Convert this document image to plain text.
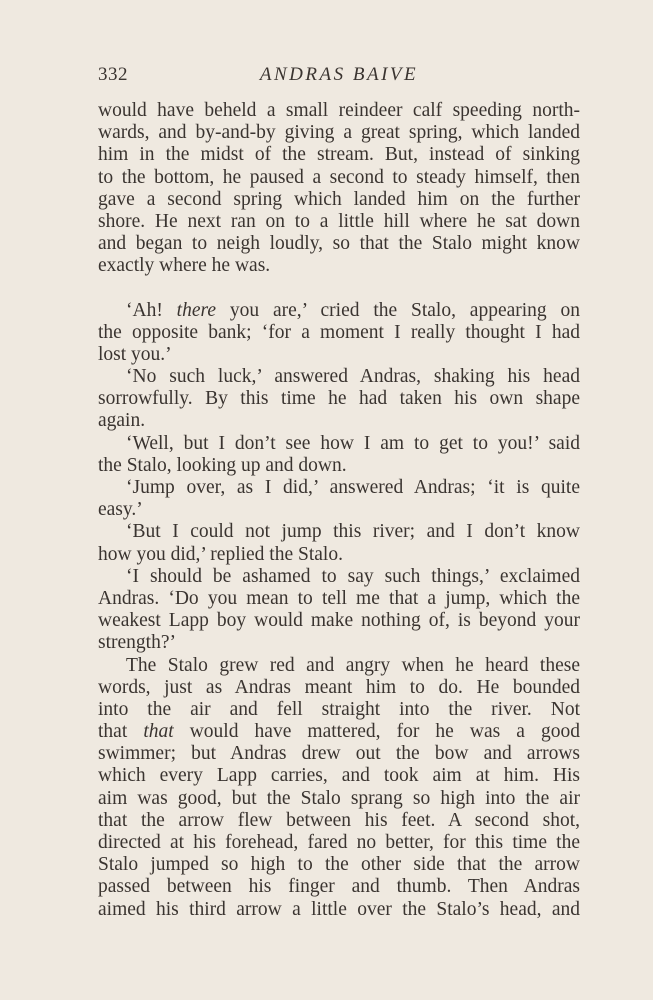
332	ANDRAS BAIVE
would have beheld a small reindeer calf speeding north-
wards, and by-and-by giving a great spring, which landed
him in the midst of the stream. But, instead of sinking
to the bottom, he paused a second to steady himself, then
gave a second spring which landed him on the further
shore. He next ran on to a little hill where he sat down
and began to neigh loudly, so that the Stalo might know
exactly where he was.
‘Ah! there you are,’ cried the Stalo, appearing on
the opposite bank; ‘for a moment I really thought I had
lost you.’
‘No such luck,’ answered Andras, shaking his head
sorrowfully. By this time he had taken his own shape
again.
‘Well, but I don’t see how I am to get to you!’ said
the Stalo, looking up and down.
‘Jump over, as I did,’ answered Andras; ‘it is quite
easy.’
‘But I could not jump this river; and I don’t know
how you did,’ replied the Stalo.
‘I should be ashamed to say such things,’ exclaimed
Andras. ‘Do you mean to tell me that a jump, which the
weakest Lapp boy would make nothing of, is beyond your
strength?’
The Stalo grew red and angry when he heard these
words, just as Andras meant him to do. He bounded
into the air and fell straight into the river. Not
that that would have mattered, for he was a good
swimmer; but Andras drew out the bow and arrows
which every Lapp carries, and took aim at him. His
aim was good, but the Stalo sprang so high into the air
that the arrow flew between his feet. A second shot,
directed at his forehead, fared no better, for this time the
Stalo jumped so high to the other side that the arrow
passed between his finger and thumb. Then Andras
aimed his third arrow a little over the Stalo’s head, and
